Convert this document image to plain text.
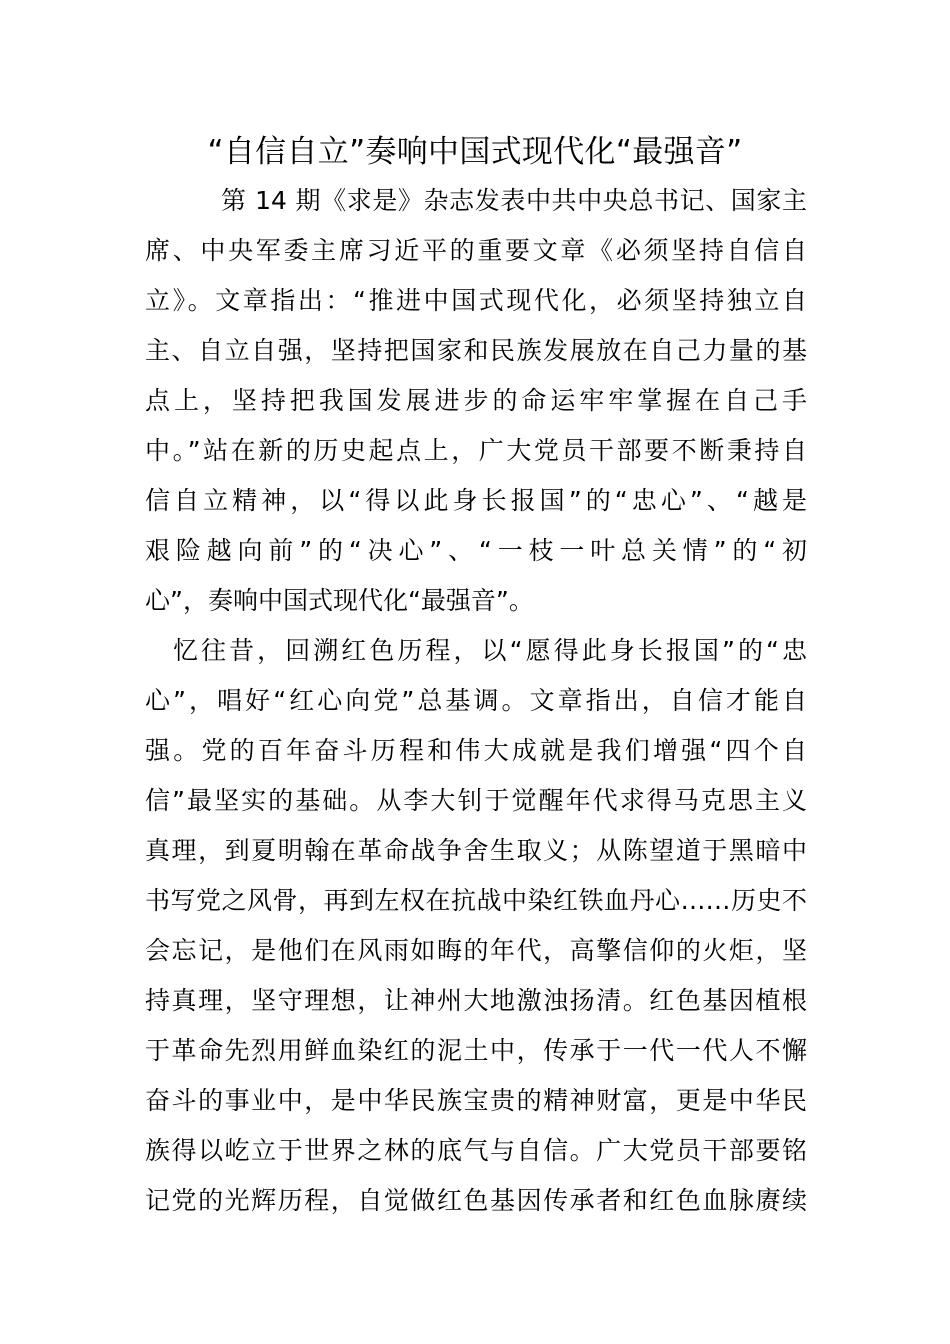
“自信自立”奏响中国式现代化“最强音”
第 14 期《求是》杂志发表中共中央总书记、国家主
席、中央军委主席习近平的重要文章《必须坚持自信自
立》。文章指出：“推进中国式现代化，必须坚持独立自
主、自立自强，坚持把国家和民族发展放在自己力量的基
点上，坚持把我国发展进步的命运牢牢掌握在自己手
中。”站在新的历史起点上，广大党员干部要不断秉持自
信自立精神，以“得以此身长报国”的“忠心”、“越是
艰险越向前”的“决心”、“一枝一叶总关情”的“初
心”，奏响中国式现代化“最强音”。
忆往昔，回溯红色历程，以“愿得此身长报国”的“忠
心”，唱好“红心向党”总基调。文章指出，自信才能自
强。党的百年奋斗历程和伟大成就是我们增强“四个自
信”最坚实的基础。从李大钊于觉醒年代求得马克思主义
真理，到夏明翰在革命战争舍生取义；从陈望道于黑暗中
书写党之风骨，再到左权在抗战中染红铁血丹心……历史不
会忘记，是他们在风雨如晦的年代，高擎信仰的火炬，坚
持真理，坚守理想，让神州大地激浊扬清。红色基因植根
于革命先烈用鲜血染红的泥土中，传承于一代一代人不懈
奋斗的事业中，是中华民族宝贵的精神财富，更是中华民
族得以屹立于世界之林的底气与自信。广大党员干部要铭
记党的光辉历程，自觉做红色基因传承者和红色血脉赓续
